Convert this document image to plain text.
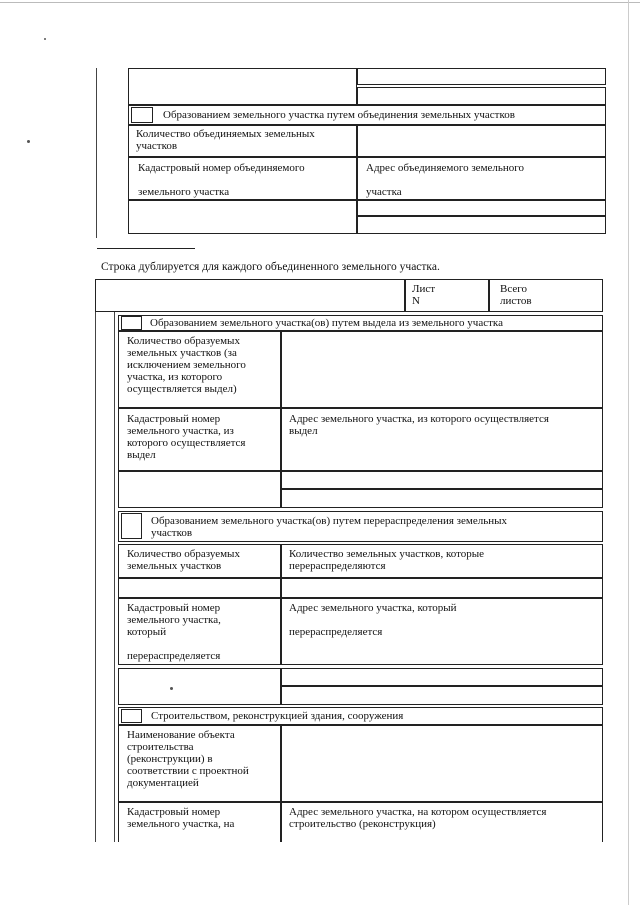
Образованием земельного участка путем объединения земельных участков
Количество объединяемых земельных
участков
Кадастровый номер объединяемого

земельного участка
Адрес объединяемого земельного

участка
Строка дублируется для каждого объединенного земельного участка.
Лист
N
Всего
листов
Образованием земельного участка(ов) путем выдела из земельного участка
Количество образуемых
земельных участков (за
исключением земельного
участка, из которого
осуществляется выдел)
Кадастровый номер
земельного участка, из
которого осуществляется
выдел
Адрес земельного участка, из которого осуществляется
выдел
Образованием земельного участка(ов) путем перераспределения земельных
участков
Количество образуемых
земельных участков
Количество земельных участков, которые
перераспределяются
Кадастровый номер
земельного участка,
который

перераспределяется
Адрес земельного участка, который

перераспределяется
Строительством, реконструкцией здания, сооружения
Наименование объекта
строительства
(реконструкции) в
соответствии с проектной
документацией
Кадастровый номер
земельного участка, на
Адрес земельного участка, на котором осуществляется
строительство (реконструкция)
